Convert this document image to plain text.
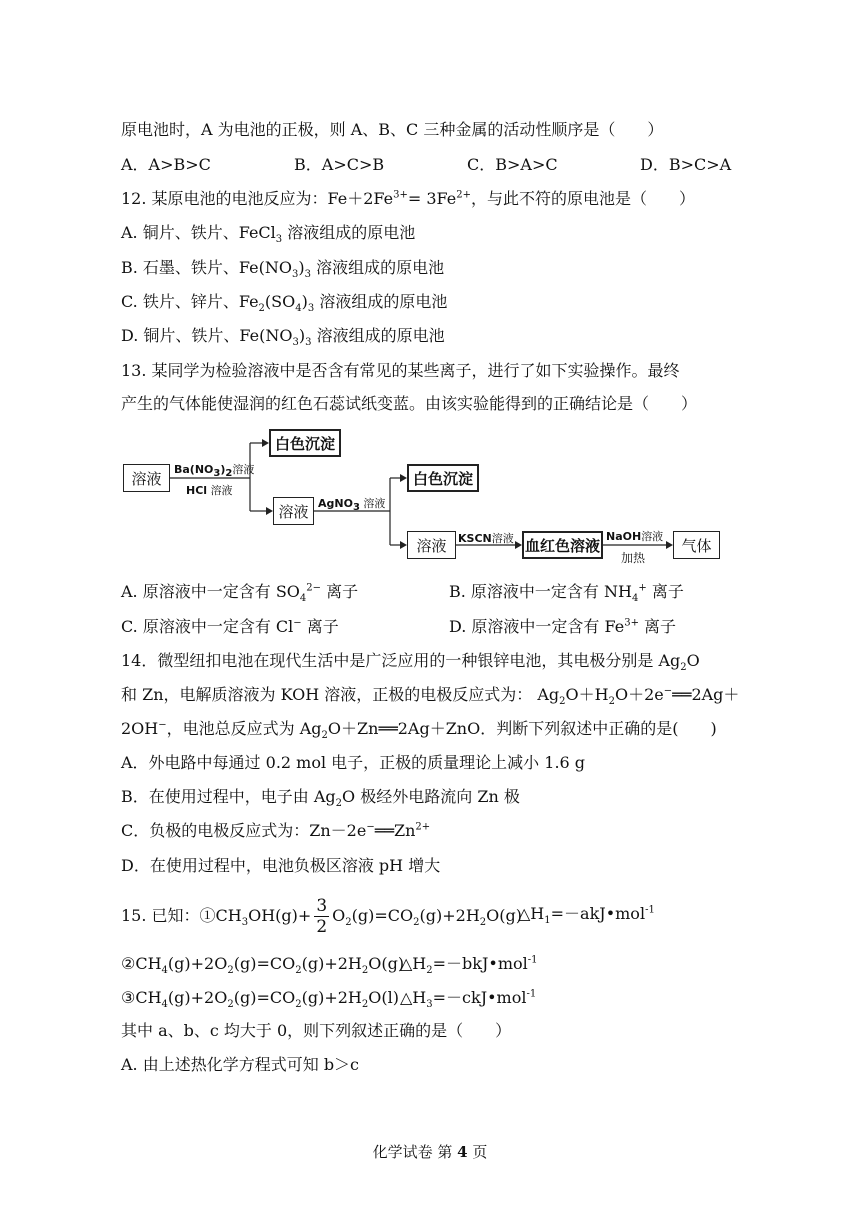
原电池时，A 为电池的正极，则 A、B、C 三种金属的活动性顺序是（　　）
A．A>B>C	B．A>C>B	C．B>A>C	D．B>C>A
12. 某原电池的电池反应为：$Fe+2Fe^{3+}= 3Fe^{2+}$，与此不符的原电池是（　　）
A. 铜片、铁片、FeCl$_3$ 溶液组成的原电池
B. 石墨、铁片、$Fe(NO_3)_3$ 溶液组成的原电池
C. 铁片、锌片、$Fe_2(SO_4)_3$ 溶液组成的原电池
D. 铜片、铁片、$Fe(NO_3)_3$ 溶液组成的原电池
13. 某同学为检验溶液中是否含有常见的某些离子，进行了如下实验操作。最终
产生的气体能使湿润的红色石蕊试纸变蓝。由该实验能得到的正确结论是（　　）
溶液
白色沉淀
$Ba(NO_3)_2$溶液
HCl 溶液
溶液 AgNO$_3$ 溶液
白色沉淀
溶液	KSCN溶液 血红色溶液 NaOH溶液
加热
气体
A. 原溶液中一定含有 $SO_4^{2-}$ 离子	B. 原溶液中一定含有 $NH_4^+$ 离子
C. 原溶液中一定含有 Cl− 离子	D. 原溶液中一定含有 $Fe^{3+}$ 离子
14．微型纽扣电池在现代生活中是广泛应用的一种银锌电池，其电极分别是 $Ag_2O$
和 Zn，电解质溶液为 KOH 溶液，正极的电极反应式为： $Ag_2O+H_2O+2e^-══2Ag+$
2OH−，电池总反应式为 $Ag_2O+Zn══2Ag+ZnO$．判断下列叙述中正确的是(　　)
A．外电路中每通过 0.2 mol 电子，正极的质量理论上减小 1.6 g
B．在使用过程中，电子由 $Ag_2O$ 极经外电路流向 Zn 极
C．负极的电极反应式为：$Zn-2e^-══Zn^{2+}$
D．在使用过程中，电池负极区溶液 pH 增大
15. 已知：$①CH_3OH(g)+ \frac{3}{2} O_2(g)=CO_2(g)+2H_2O(g)$
$\triangle H_1=-akJ•mol^{-1}$
$②CH_4(g)+2O_2(g)=CO_2(g)+2H_2O(g)$
$\triangle H_2=-bkJ•mol^{-1}$
$③CH_4(g)+2O_2(g)=CO_2(g)+2H_2O(l)$ $\triangle H_3=-ckJ•mol^{-1}$
其中 a、b、c 均大于 0，则下列叙述正确的是（　　）
A. 由上述热化学方程式可知 b＞c
化学试卷 第 4 页
